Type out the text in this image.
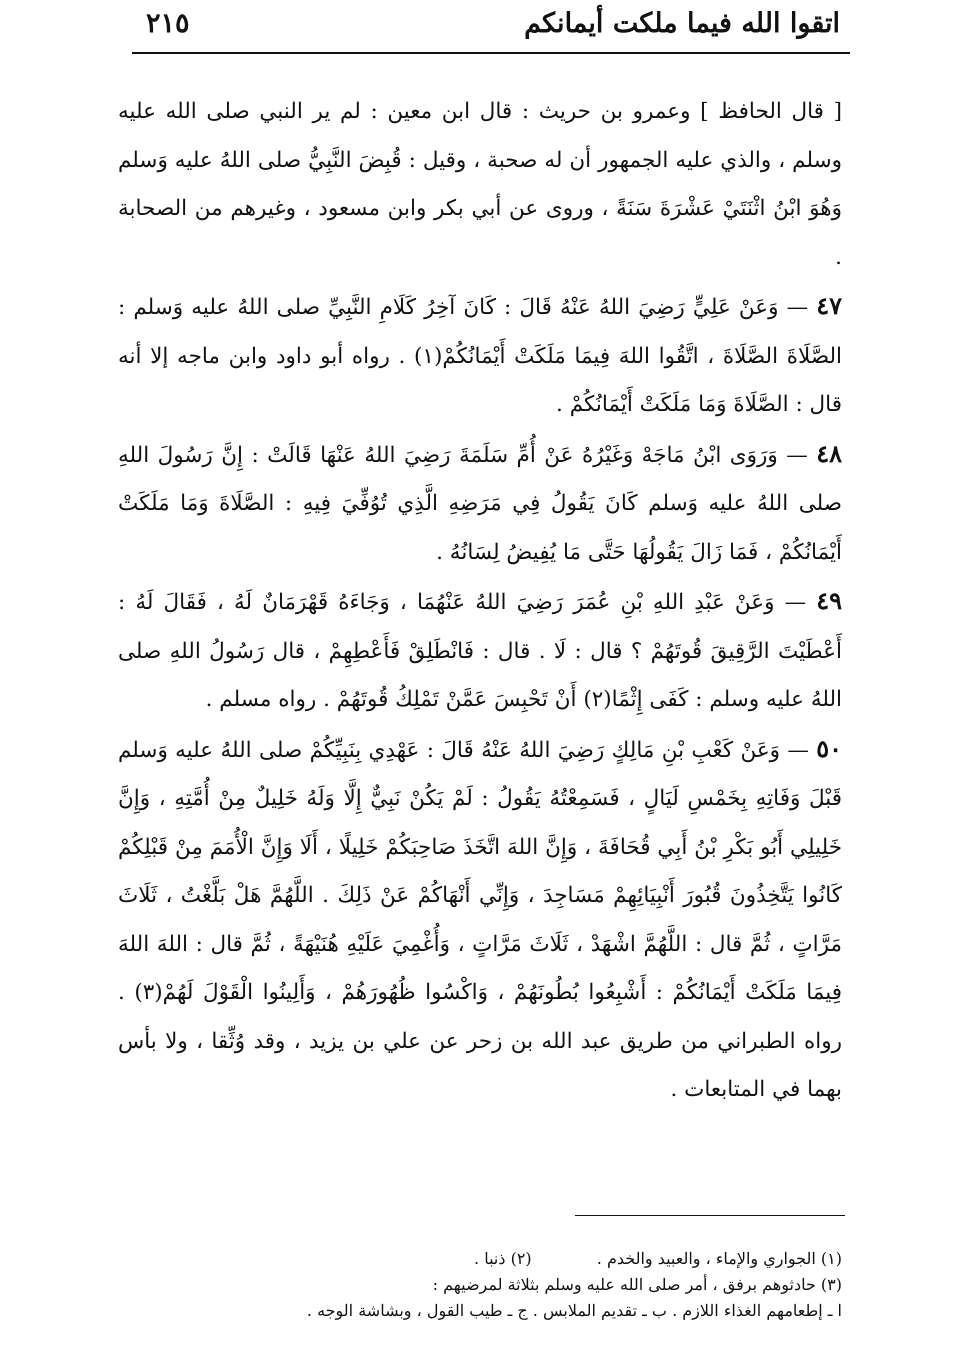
اتقوا الله فيما ملكت أيمانكم
٢١٥

[ قال الحافظ ] وعمرو بن حريث : قال ابن معين : لم ير النبي صلى الله عليه وسلم ، والذي عليه الجمهور أن له صحبة ، وقيل : قُبِضَ النَّبِيُّ صلى اللهُ عليه وَسلم وَهُوَ ابْنُ اثْنَتَيْ عَشْرَةَ سَنَةً ، وروى عن أبي بكر وابن مسعود ، وغيرهم من الصحابة .

٤٧ — وَعَنْ عَلِيٍّ رَضِيَ اللهُ عَنْهُ قَالَ : كَانَ آخِرُ كَلَامِ النَّبِيِّ صلى اللهُ عليه وَسلم : الصَّلَاةَ الصَّلَاةَ ، اتَّقُوا اللهَ فِيمَا مَلَكَتْ أَيْمَانُكُمْ(١) . رواه أبو داود وابن ماجه إلا أنه قال : الصَّلَاةَ وَمَا مَلَكَتْ أَيْمَانُكُمْ .

٤٨ — وَرَوَى ابْنُ مَاجَهْ وَغَيْرُهُ عَنْ أُمِّ سَلَمَةَ رَضِيَ اللهُ عَنْهَا قَالَتْ : إِنَّ رَسُولَ اللهِ صلى اللهُ عليه وَسلم كَانَ يَقُولُ فِي مَرَضِهِ الَّذِي تُوُفِّيَ فِيهِ : الصَّلَاةَ وَمَا مَلَكَتْ أَيْمَانُكُمْ ، فَمَا زَالَ يَقُولُهَا حَتَّى مَا يُفِيضُ لِسَانُهُ .

٤٩ — وَعَنْ عَبْدِ اللهِ بْنِ عُمَرَ رَضِيَ اللهُ عَنْهُمَا ، وَجَاءَهُ قَهْرَمَانٌ لَهُ ، فَقَالَ لَهُ : أَعْطَيْتَ الرَّقِيقَ قُوتَهُمْ ؟ قال : لَا . قال : فَانْطَلِقْ فَأَعْطِهِمْ ، قال رَسُولُ اللهِ صلى اللهُ عليه وسلم : كَفَى إِثْمًا(٢) أَنْ تَحْبِسَ عَمَّنْ تَمْلِكُ قُوتَهُمْ . رواه مسلم .

٥٠ — وَعَنْ كَعْبِ بْنِ مَالِكٍ رَضِيَ اللهُ عَنْهُ قَالَ : عَهْدِي بِنَبِيِّكُمْ صلى اللهُ عليه وَسلم قَبْلَ وَفَاتِهِ بِخَمْسِ لَيَالٍ ، فَسَمِعْتُهُ يَقُولُ : لَمْ يَكُنْ نَبِيٌّ إِلَّا وَلَهُ خَلِيلٌ مِنْ أُمَّتِهِ ، وَإِنَّ خَلِيلِي أَبُو بَكْرِ بْنُ أَبِي قُحَافَةَ ، وَإِنَّ اللهَ اتَّخَذَ صَاحِبَكُمْ خَلِيلًا ، أَلَا وَإِنَّ الْأُمَمَ مِنْ قَبْلِكُمْ كَانُوا يَتَّخِذُونَ قُبُورَ أَنْبِيَائِهِمْ مَسَاجِدَ ، وَإِنِّي أَنْهَاكُمْ عَنْ ذَلِكَ . اللَّهُمَّ هَلْ بَلَّغْتُ ، ثَلَاثَ مَرَّاتٍ ، ثُمَّ قال : اللَّهُمَّ اشْهَدْ ، ثَلَاثَ مَرَّاتٍ ، وَأُغْمِيَ عَلَيْهِ هُنَيْهَةً ، ثُمَّ قال : اللهَ اللهَ فِيمَا مَلَكَتْ أَيْمَانُكُمْ : أَشْبِعُوا بُطُونَهُمْ ، وَاكْسُوا ظُهُورَهُمْ ، وَأَلِينُوا الْقَوْلَ لَهُمْ(٣) . رواه الطبراني من طريق عبد الله بن زحر عن علي بن يزيد ، وقد وُثِّقا ، ولا بأس بهما في المتابعات .

(١) الجواري والإماء ، والعبيد والخدم . (٢) ذنبا .

(٣) حادثوهم برفق ، أمر صلى الله عليه وسلم بثلاثة لمرضيهم :

ا ـ إطعامهم الغذاء اللازم . ب ـ تقديم الملابس . ج ـ طيب القول ، وبشاشة الوجه .
